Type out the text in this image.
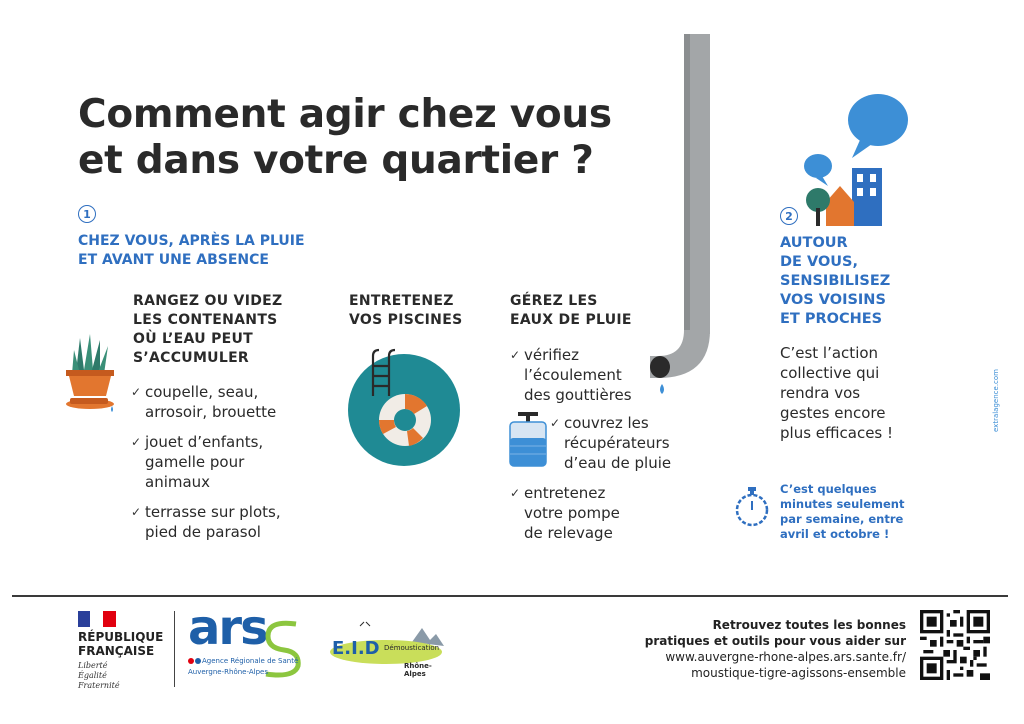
Comment agir chez vous
et dans votre quartier ?
1
CHEZ VOUS, APRÈS LA PLUIE
ET AVANT UNE ABSENCE
RANGEZ OU VIDEZ
LES CONTENANTS
OÙ L’EAU PEUT
S’ACCUMULER
✓ coupelle, seau,
arrosoir, brouette
✓ jouet d’enfants,
gamelle pour
animaux
✓ terrasse sur plots,
pied de parasol
ENTRETENEZ
VOS PISCINES
GÉREZ LES
EAUX DE PLUIE
✓ vérifiez
l’écoulement
des gouttières
✓ couvrez les
récupérateurs
d’eau de pluie
✓ entretenez
votre pompe
de relevage
2
AUTOUR
DE VOUS,
SENSIBILISEZ
VOS VOISINS
ET PROCHES
C’est l’action
collective qui
rendra vos
gestes encore
plus efficaces !
C’est quelques
minutes seulement
par semaine, entre
avril et octobre !
extralagence.com
RÉPUBLIQUE
FRANÇAISE
Liberté
Égalité
Fraternité
ars
Agence Régionale de Santé
Auvergne-Rhône-Alpes
E.I.D Démoustication
Rhône-Alpes
Retrouvez toutes les bonnes
pratiques et outils pour vous aider sur
www.auvergne-rhone-alpes.ars.sante.fr/
moustique-tigre-agissons-ensemble
